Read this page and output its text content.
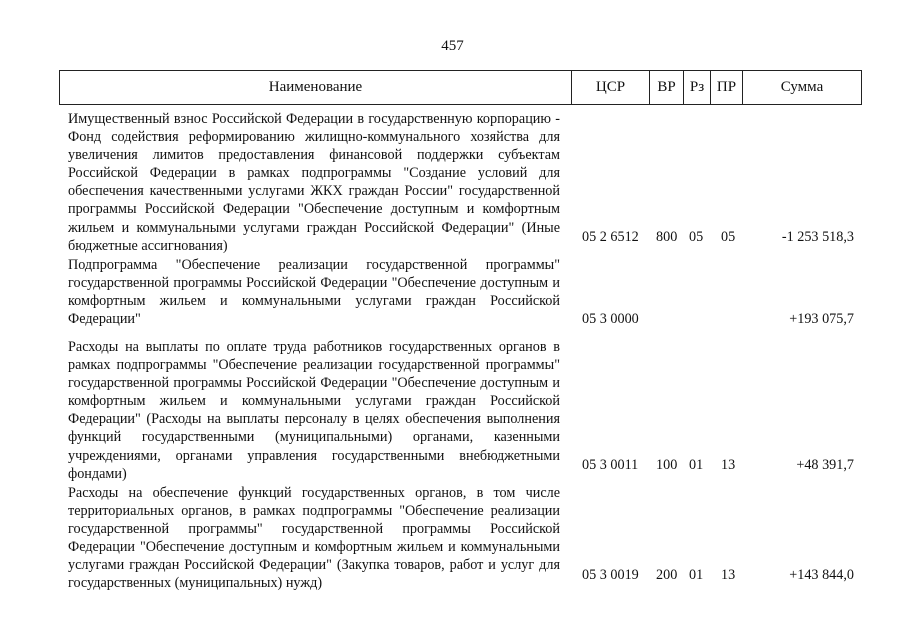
457
Наименование	ЦСР	ВР Рз ПР	Сумма
Имущественный взнос Российской Федерации в государственную корпорацию - Фонд содействия реформированию жилищно-коммунального хозяйства для увеличения лимитов предоставления финансовой поддержки субъектам Российской Федерации в рамках подпрограммы "Создание условий для обеспечения качественными услугами ЖКХ граждан России" государственной программы Российской Федерации "Обеспечение доступным и комфортным жильем и коммунальными услугами граждан Российской Федерации" (Иные бюджетные ассигнования)
05 2 6512 800 05 05	-1 253 518,3
Подпрограмма "Обеспечение реализации государственной программы" государственной программы Российской Федерации "Обеспечение доступным и комфортным жильем и коммунальными услугами граждан Российской Федерации"	05 3 0000	+193 075,7
Расходы на выплаты по оплате труда работников государственных органов в рамках подпрограммы "Обеспечение реализации государственной программы" государственной программы Российской Федерации "Обеспечение доступным и комфортным жильем и коммунальными услугами граждан Российской Федерации" (Расходы на выплаты персоналу в целях обеспечения выполнения функций государственными (муниципальными) органами, казенными учреждениями, органами управления государственными внебюджетными фондами)
05 3 0011 100 01 13	+48 391,7
Расходы на обеспечение функций государственных органов, в том числе территориальных органов, в рамках подпрограммы "Обеспечение реализации государственной программы" государственной программы Российской Федерации "Обеспечение доступным и комфортным жильем и коммунальными услугами граждан Российской Федерации" (Закупка товаров, работ и услуг для государственных (муниципальных) нужд)
05 3 0019 200 01 13	+143 844,0
